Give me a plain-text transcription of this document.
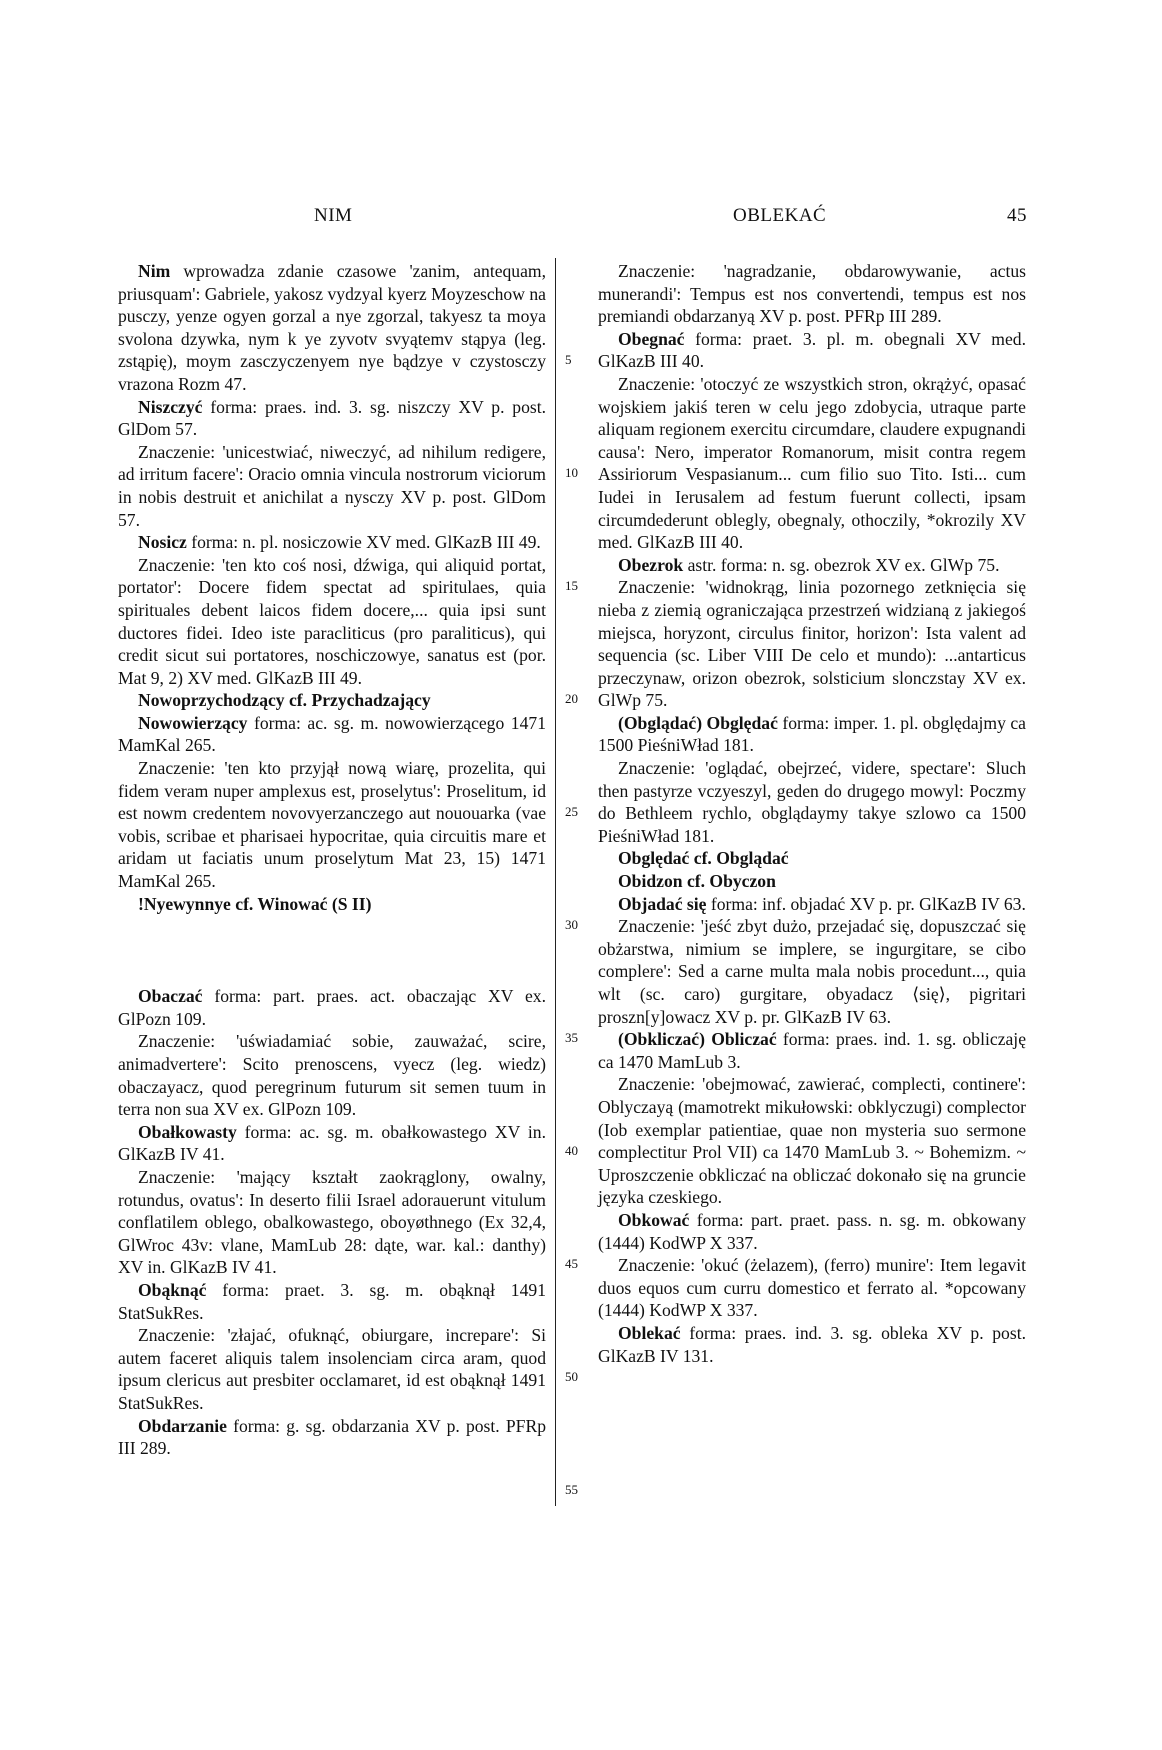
NIM	OBLEKAĆ	45

Nim wprowadza zdanie czasowe 'zanim, antequam, priusquam': Gabriele, yakosz vydzyal kyerz Moyzeschow na pusczy, yenze ogyen gorzal a nye zgorzal, takyesz ta moya svolona dzywka, nym k ye zyvotv svyątemv stąpya (leg. zstąpię), moym zasczyczenyem nye bądzye v czystosczy vrazona Rozm 47.

Niszczyć forma: praes. ind. 3. sg. niszczy XV p. post. GlDom 57.

Znaczenie: 'unicestwiać, niweczyć, ad nihilum redigere, ad irritum facere': Oracio omnia vincula nostrorum viciorum in nobis destruit et anichilat a nysczy XV p. post. GlDom 57.

Nosicz forma: n. pl. nosiczowie XV med. GlKazB III 49.

Znaczenie: 'ten kto coś nosi, dźwiga, qui aliquid portat, portator': Docere fidem spectat ad spiritulaes, quia spirituales debent laicos fidem docere,... quia ipsi sunt ductores fidei. Ideo iste paracliticus (pro paraliticus), qui credit sicut sui portatores, noschiczowye, sanatus est (por. Mat 9, 2) XV med. GlKazB III 49.

Nowoprzychodzący cf. Przychadzający

Nowowierzący forma: ac. sg. m. nowowierzącego 1471 MamKal 265.

Znaczenie: 'ten kto przyjął nową wiarę, prozelita, qui fidem veram nuper amplexus est, proselytus': Proselitum, id est nowm credentem novovyerzanczego aut nououarka (vae vobis, scribae et pharisaei hypocritae, quia circuitis mare et aridam ut faciatis unum proselytum Mat 23, 15) 1471 MamKal 265.

!Nyewynnye cf. Winować (S II)

Obaczać forma: part. praes. act. obaczając XV ex. GlPozn 109.

Znaczenie: 'uświadamiać sobie, zauważać, scire, animadvertere': Scito prenoscens, vyecz (leg. wiedz) obaczayacz, quod peregrinum futurum sit semen tuum in terra non sua XV ex. GlPozn 109.

Obałkowasty forma: ac. sg. m. obałkowastego XV in. GlKazB IV 41.

Znaczenie: 'mający kształt zaokrąglony, owalny, rotundus, ovatus': In deserto filii Israel adorauerunt vitulum conflatilem oblego, obalkowastego, oboyøthnego (Ex 32,4, GlWroc 43v: vlane, MamLub 28: dąte, war. kal.: danthy) XV in. GlKazB IV 41.

Obąknąć forma: praet. 3. sg. m. obąknął 1491 StatSukRes.

Znaczenie: 'złajać, ofuknąć, obiurgare, increpare': Si autem faceret aliquis talem insolenciam circa aram, quod ipsum clericus aut presbiter occlamaret, id est obąknął 1491 StatSukRes.

Obdarzanie forma: g. sg. obdarzania XV p. post. PFRp III 289.

5
10
15
20
25
30
35
40
45
50
55

Znaczenie: 'nagradzanie, obdarowywanie, actus munerandi': Tempus est nos convertendi, tempus est nos premiandi obdarzanyą XV p. post. PFRp III 289.

Obegnać forma: praet. 3. pl. m. obegnali XV med. GlKazB III 40.

Znaczenie: 'otoczyć ze wszystkich stron, okrążyć, opasać wojskiem jakiś teren w celu jego zdobycia, utraque parte aliquam regionem exercitu circumdare, claudere expugnandi causa': Nero, imperator Romanorum, misit contra regem Assiriorum Vespasianum... cum filio suo Tito. Isti... cum Iudei in Ierusalem ad festum fuerunt collecti, ipsam circumdederunt oblegly, obegnaly, othoczily, *okrozily XV med. GlKazB III 40.

Obezrok astr. forma: n. sg. obezrok XV ex. GlWp 75.

Znaczenie: 'widnokrąg, linia pozornego zetknięcia się nieba z ziemią ograniczająca przestrzeń widzianą z jakiegoś miejsca, horyzont, circulus finitor, horizon': Ista valent ad sequencia (sc. Liber VIII De celo et mundo): ...antarticus przeczynaw, orizon obezrok, solsticium slonczstay XV ex. GlWp 75.

(Obglądać) Obględać forma: imper. 1. pl. obględajmy ca 1500 PieśniWład 181.

Znaczenie: 'oglądać, obejrzeć, videre, spectare': Sluch then pastyrze vczyeszyl, geden do drugego mowyl: Poczmy do Bethleem rychlo, obglądaymy takye szlowo ca 1500 PieśniWład 181.

Obględać cf. Obglądać

Obidzon cf. Obyczon

Objadać się forma: inf. objadać XV p. pr. GlKazB IV 63.

Znaczenie: 'jeść zbyt dużo, przejadać się, dopuszczać się obżarstwa, nimium se implere, se ingurgitare, se cibo complere': Sed a carne multa mala nobis procedunt..., quia wlt (sc. caro) gurgitare, obyadacz ⟨się⟩, pigritari proszn[y]owacz XV p. pr. GlKazB IV 63.

(Obkliczać) Obliczać forma: praes. ind. 1. sg. obliczaję ca 1470 MamLub 3.

Znaczenie: 'obejmować, zawierać, complecti, continere': Oblyczayą (mamotrekt mikułowski: obklyczugi) complector (Iob exemplar patientiae, quae non mysteria suo sermone complectitur Prol VII) ca 1470 MamLub 3. ~ Bohemizm. ~ Uproszczenie obkliczać na obliczać dokonało się na gruncie języka czeskiego.

Obkować forma: part. praet. pass. n. sg. m. obkowany (1444) KodWP X 337.

Znaczenie: 'okuć (żelazem), (ferro) munire': Item legavit duos equos cum curru domestico et ferrato al. *opcowany (1444) KodWP X 337.

Oblekać forma: praes. ind. 3. sg. obleka XV p. post. GlKazB IV 131.
